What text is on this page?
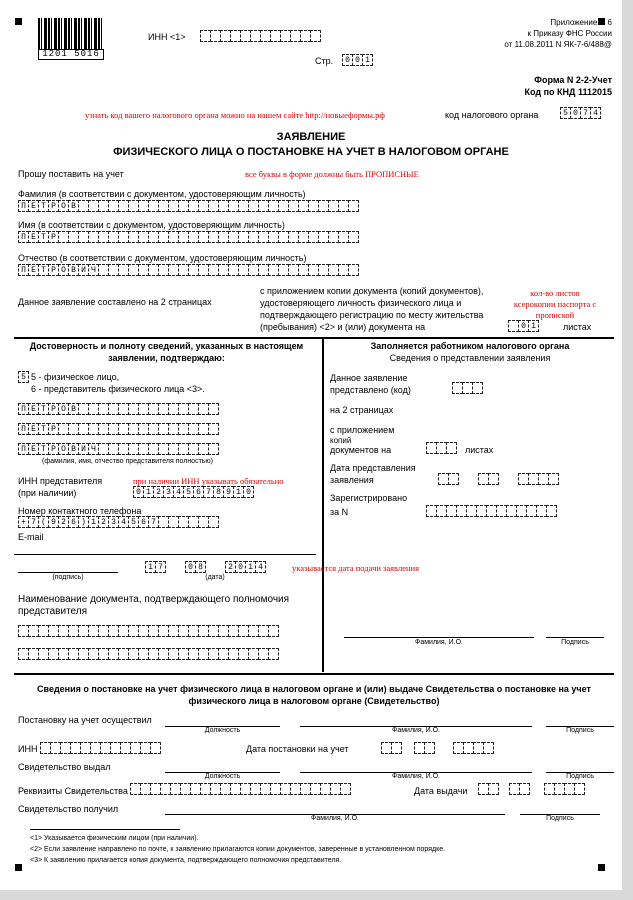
1201 5016
ИНН <1>
Стр.	0 0 1
Приложение N 6
к Приказу ФНС России
от 11.08.2011 N ЯК-7-6/488@
Форма N 2-2-Учет
Код по КНД 1112015
узнать код вашего налогового органа можно на нашем сайте http://новыеформы.рф	код налогового органа	5 0 7 4
ЗАЯВЛЕНИЕ
ФИЗИЧЕСКОГО ЛИЦА О ПОСТАНОВКЕ НА УЧЕТ В НАЛОГОВОМ ОРГАНЕ
Прошу поставить на учет	все буквы в форме должны быть ПРОПИСНЫЕ
Фамилия (в соответствии с документом, удостоверяющим личность)
П Е Т Р О В
Имя (в соответствии с документом, удостоверяющим личность)
П Е Т Р
Отчество (в соответствии с документом, удостоверяющим личность)
П Е Т Р О В И Ч
Данное заявление составлено на 2 страницах
с приложением копии документа (копий документов),
удостоверяющего личность физического лица и
подтверждающего регистрацию по месту жительства
(пребывания) <2> и (или) документа на	0 1	листах
кол-во листов
ксерокопии паспорта с
пропиской
Достоверность и полноту сведений, указанных в настоящем
заявлении, подтверждаю:
5 5 - физическое лицо,
6 - представитель физического лица <3>.
П Е Т Р О В
П Е Т Р
П Е Т Р О В И Ч
(фамилия, имя, отчество представителя полностью)
ИНН представителя
(при наличии)
при наличии ИНН указывать обязательно
0 1 2 3 4 5 6 7 8 9 1 0
Номер контактного телефона
+ 7 ( 9 2 6 ) 1 2 3 4 5 6 7
E-mail
1 7	0 8	2 0 1 4
(подпись)	(дата)
указывается дата подачи заявления
Наименование документа, подтверждающего полномочия
представителя
Заполняется работником налогового органа
Сведения о представлении заявления
Данное заявление
представлено (код)
на 2 страницах
с приложением
копий
документов на	листах
Дата представления
заявления
Зарегистрировано
за N
Фамилия, И.О.	Подпись
Сведения о постановке на учет физического лица в налоговом органе и (или) выдаче Свидетельства о постановке на учет
физического лица в налоговом органе (Свидетельство)
Постановку на учет осуществил
Должность	Фамилия, И.О.	Подпись
ИНН	Дата постановки на учет
Свидетельство выдал
Должность	Фамилия, И.О.	Подпись
Реквизиты Свидетельства	Дата выдачи
Свидетельство получил
Фамилия, И.О.	Подпись
<1> Указывается физическим лицом (при наличии).
<2> Если заявление направлено по почте, к заявлению прилагаются копии документов, заверенные в установленном порядке.
<3> К заявлению прилагается копия документа, подтверждающего полномочия представителя.
